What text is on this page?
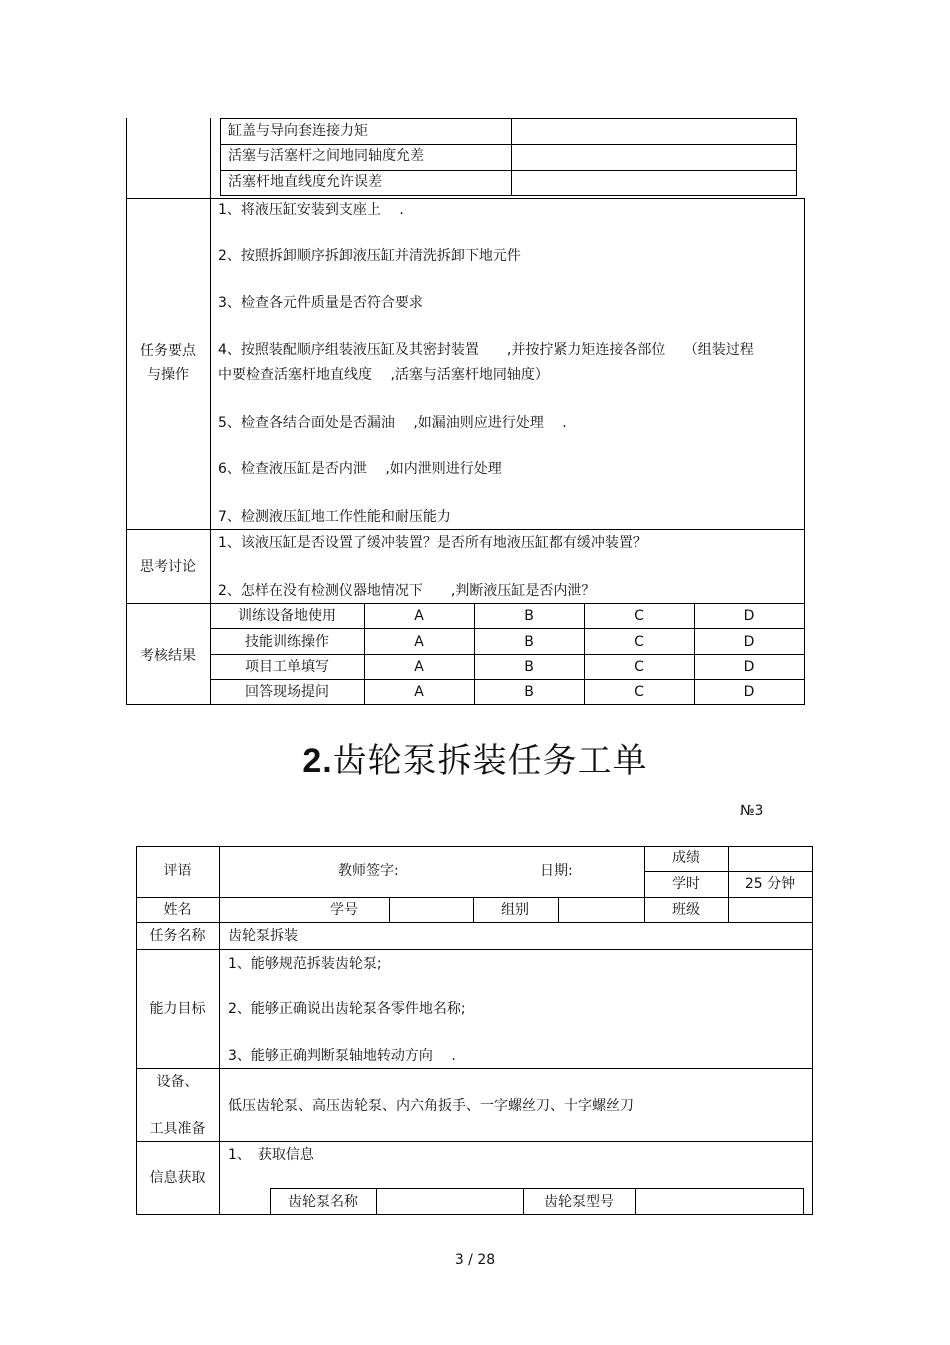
缸盖与导向套连接力矩
活塞与活塞杆之间地同轴度允差
活塞杆地直线度允许误差
任务要点
与操作
1、将液压缸安装到支座上　 .
2、按照拆卸顺序拆卸液压缸并清洗拆卸下地元件
3、检查各元件质量是否符合要求
4、按照装配顺序组装液压缸及其密封装置　　,并按拧紧力矩连接各部位　 （组装过程
中要检查活塞杆地直线度　 ,活塞与活塞杆地同轴度）
5、检查各结合面处是否漏油　 ,如漏油则应进行处理　 .
6、检查液压缸是否内泄　 ,如内泄则进行处理
7、检测液压缸地工作性能和耐压能力
思考讨论
1、该液压缸是否设置了缓冲装置？是否所有地液压缸都有缓冲装置？
2、怎样在没有检测仪器地情况下　　,判断液压缸是否内泄？
考核结果
训练设备地使用	A	B	C	D
技能训练操作	A	B	C	D
项目工单填写	A	B	C	D
回答现场提问	A	B	C	D
2.齿轮泵拆装任务工单
№3
评语	教师签字:	日期:
成绩
学时	25 分钟
姓名	学号	组别	班级
任务名称	齿轮泵拆装
能力目标
1、能够规范拆装齿轮泵;
2、能够正确说出齿轮泵各零件地名称;
3、能够正确判断泵轴地转动方向　 .
设备、
工具准备
低压齿轮泵、高压齿轮泵、内六角扳手、一字螺丝刀、十字螺丝刀
信息获取
1、　获取信息
齿轮泵名称	齿轮泵型号
3 / 28
